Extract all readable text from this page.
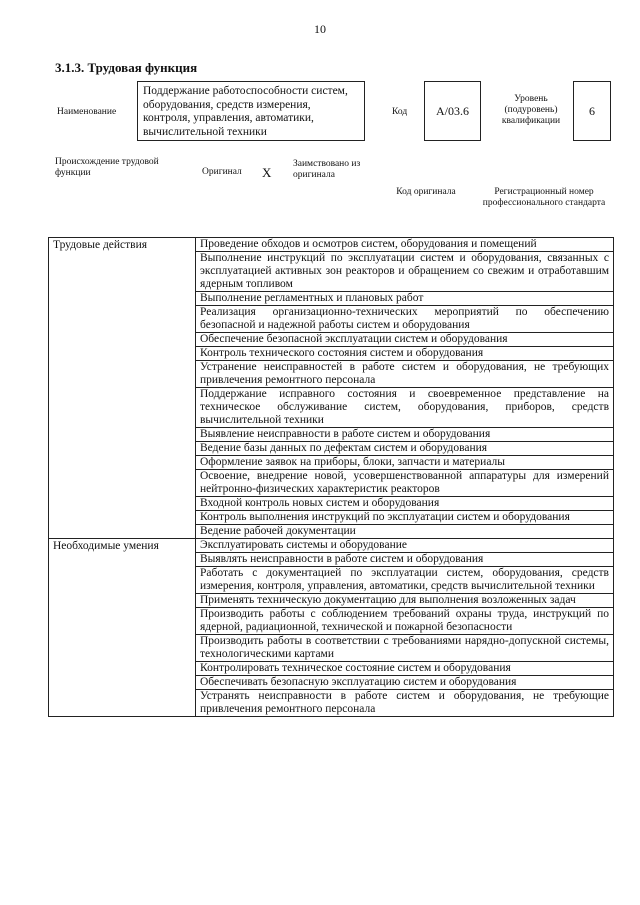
10
3.1.3. Трудовая функция
Наименование
Поддержание работоспособности систем, оборудования, средств измерения, контроля, управления, автоматики, вычислительной техники
Код	А/03.6
Уровень (подуровень) квалификации
6
Происхождение трудовой функции	Оригинал X
Заимствовано из оригинала
Код оригинала	Регистрационный номер профессионального стандарта
Трудовые действия	Проведение обходов и осмотров систем, оборудования и помещений
	Выполнение инструкций по эксплуатации систем и оборудования, связанных с эксплуатацией активных зон реакторов и обращением со свежим и отработавшим ядерным топливом
	Выполнение регламентных и плановых работ
	Реализация организационно-технических мероприятий по обеспечению безопасной и надежной работы систем и оборудования
	Обеспечение безопасной эксплуатации систем и оборудования
	Контроль технического состояния систем и оборудования
	Устранение неисправностей в работе систем и оборудования, не требующих привлечения ремонтного персонала
	Поддержание исправного состояния и своевременное представление на техническое обслуживание систем, оборудования, приборов, средств вычислительной техники
	Выявление неисправности в работе систем и оборудования
	Ведение базы данных по дефектам систем и оборудования
	Оформление заявок на приборы, блоки, запчасти и материалы
	Освоение, внедрение новой, усовершенствованной аппаратуры для измерений нейтронно-физических характеристик реакторов
	Входной контроль новых систем и оборудования
	Контроль выполнения инструкций по эксплуатации систем и оборудования
	Ведение рабочей документации
Необходимые умения	Эксплуатировать системы и оборудование
	Выявлять неисправности в работе систем и оборудования
	Работать с документацией по эксплуатации систем, оборудования, средств измерения, контроля, управления, автоматики, средств вычислительной техники
	Применять техническую документацию для выполнения возложенных задач
	Производить работы с соблюдением требований охраны труда, инструкций по ядерной, радиационной, технической и пожарной безопасности
	Производить работы в соответствии с требованиями нарядно-допускной системы, технологическими картами
	Контролировать техническое состояние систем и оборудования
	Обеспечивать безопасную эксплуатацию систем и оборудования
	Устранять неисправности в работе систем и оборудования, не требующие привлечения ремонтного персонала
